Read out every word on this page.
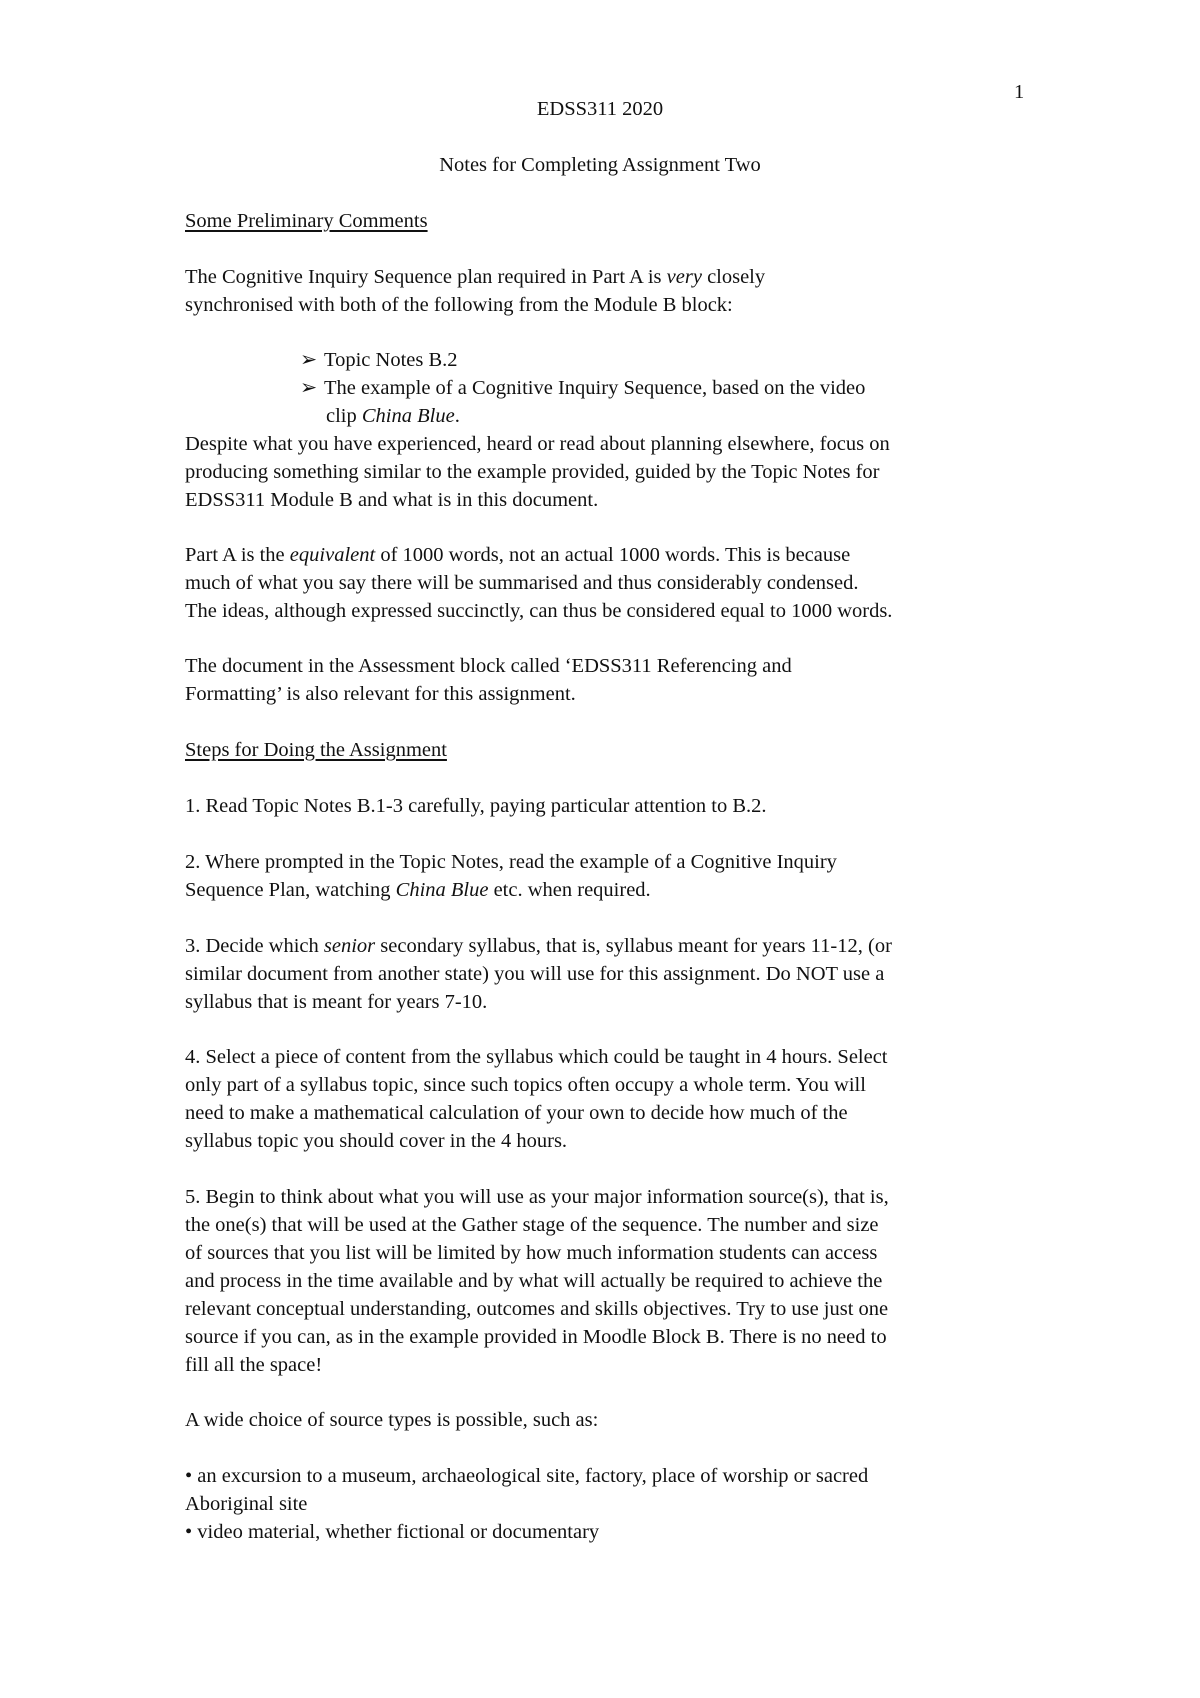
1
EDSS311 2020
Notes for Completing Assignment Two
Some Preliminary Comments
The Cognitive Inquiry Sequence plan required in Part A is very closely
synchronised with both of the following from the Module B block:
➢ Topic Notes B.2
➢ The example of a Cognitive Inquiry Sequence, based on the video
clip China Blue.
Despite what you have experienced, heard or read about planning elsewhere, focus on
producing something similar to the example provided, guided by the Topic Notes for
EDSS311 Module B and what is in this document.
Part A is the equivalent of 1000 words, not an actual 1000 words. This is because
much of what you say there will be summarised and thus considerably condensed.
The ideas, although expressed succinctly, can thus be considered equal to 1000 words.
The document in the Assessment block called ‘EDSS311 Referencing and
Formatting’ is also relevant for this assignment.
Steps for Doing the Assignment
1. Read Topic Notes B.1-3 carefully, paying particular attention to B.2.
2. Where prompted in the Topic Notes, read the example of a Cognitive Inquiry
Sequence Plan, watching China Blue etc. when required.
3. Decide which senior secondary syllabus, that is, syllabus meant for years 11-12, (or
similar document from another state) you will use for this assignment. Do NOT use a
syllabus that is meant for years 7-10.
4. Select a piece of content from the syllabus which could be taught in 4 hours. Select
only part of a syllabus topic, since such topics often occupy a whole term. You will
need to make a mathematical calculation of your own to decide how much of the
syllabus topic you should cover in the 4 hours.
5. Begin to think about what you will use as your major information source(s), that is,
the one(s) that will be used at the Gather stage of the sequence. The number and size
of sources that you list will be limited by how much information students can access
and process in the time available and by what will actually be required to achieve the
relevant conceptual understanding, outcomes and skills objectives. Try to use just one
source if you can, as in the example provided in Moodle Block B. There is no need to
fill all the space!
A wide choice of source types is possible, such as:
• an excursion to a museum, archaeological site, factory, place of worship or sacred
Aboriginal site
• video material, whether fictional or documentary
